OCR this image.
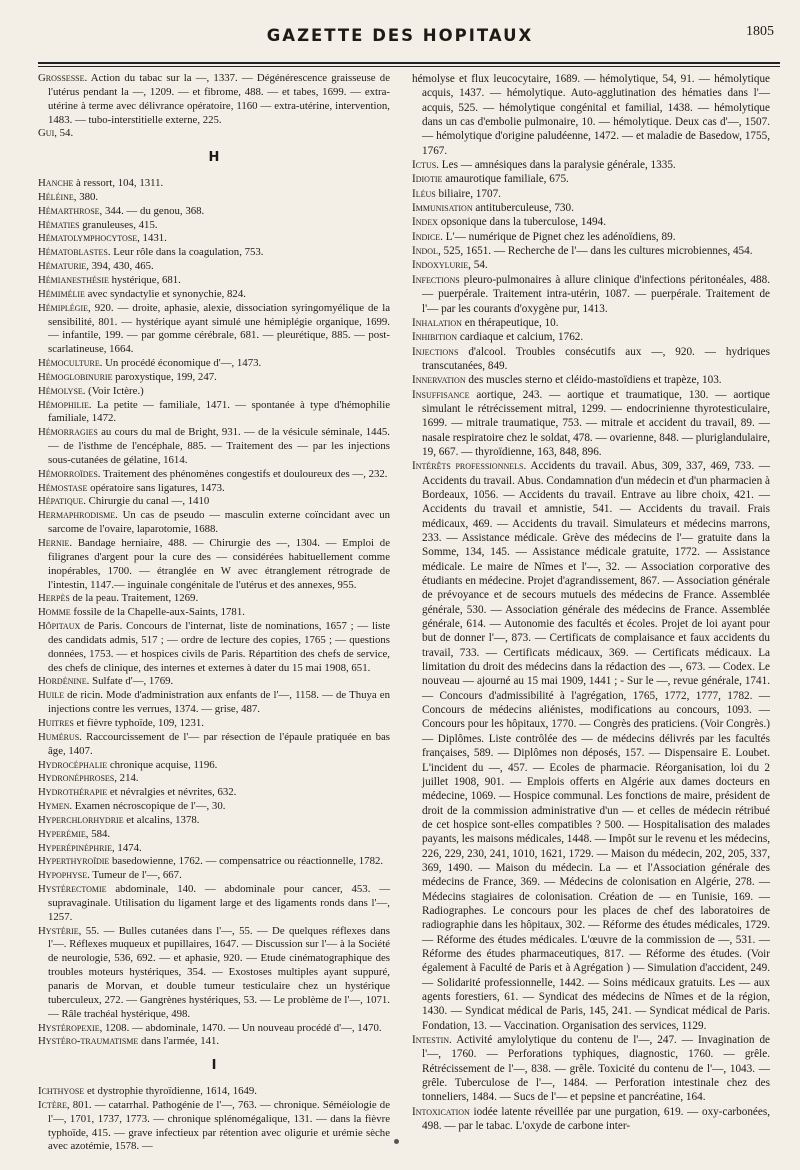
GAZETTE DES HOPITAUX	1805

Grossesse. Action du tabac sur la —, 1337. — Dégénérescence graisseuse de l'utérus pendant la —, 1209. — et fibrome, 488. — et tabes, 1699. — extra-utérine à terme avec délivrance opératoire, 1160 — extra-utérine, intervention, 1483. — tubo-interstitielle externe, 225.

Gui, 54.

H

Hanche à ressort, 104, 1311.

Héléine, 380.

Hémarthrose, 344. — du genou, 368.

Hématies granuleuses, 415.

Hématolymphocytose, 1431.

Hématoblastes. Leur rôle dans la coagulation, 753.

Hématurie, 394, 430, 465.

Hémianesthésie hystérique, 681.

Hémimélie avec syndactylie et synonychie, 824.

Hémiplégie, 920. — droite, aphasie, alexie, dissociation syringomyélique de la sensibilité, 801. — hystérique ayant simulé une hémiplégie organique, 1699. — infantile, 199. — par gomme cérébrale, 681. — pleurétique, 885. — post-scarlatineuse, 1664.

Hémoculture. Un procédé économique d'—, 1473.

Hémoglobinurie paroxystique, 199, 247.

Hémolyse. (Voir Ictère.)

Hémophilie. La petite — familiale, 1471. — spontanée à type d'hémophilie familiale, 1472.

Hémorragies au cours du mal de Bright, 931. — de la vésicule séminale, 1445.— de l'isthme de l'encéphale, 885. — Traitement des — par les injections sous-cutanées de gélatine, 1614.

Hémorroïdes. Traitement des phénomènes congestifs et douloureux des —, 232.

Hémostase opératoire sans ligatures, 1473.

Hépatique. Chirurgie du canal —, 1410

Hermaphrodisme. Un cas de pseudo — masculin externe coïncidant avec un sarcome de l'ovaire, laparotomie, 1688.

Hernie. Bandage herniaire, 488. — Chirurgie des —, 1304. — Emploi de filigranes d'argent pour la cure des — considérées habituellement comme inopérables, 1700. — étranglée en W avec étranglement rétrograde de l'intestin, 1147.— inguinale congénitale de l'utérus et des annexes, 955.

Herpès de la peau. Traitement, 1269.

Homme fossile de la Chapelle-aux-Saints, 1781.

Hôpitaux de Paris. Concours de l'internat, liste de nominations, 1657 ; — liste des candidats admis, 517 ; — ordre de lecture des copies, 1765 ; — questions données, 1753. — et hospices civils de Paris. Répartition des chefs de service, des chefs de clinique, des internes et externes à dater du 15 mai 1908, 651.

Hordénine. Sulfate d'—, 1769.

Huile de ricin. Mode d'administration aux enfants de l'—, 1158. — de Thuya en injections contre les verrues, 1374. — grise, 487.

Huitres et fièvre typhoïde, 109, 1231.

Humérus. Raccourcissement de l'— par résection de l'épaule pratiquée en bas âge, 1407.

Hydrocéphalie chronique acquise, 1196.

Hydronéphroses, 214.

Hydrothérapie et névralgies et névrites, 632.

Hymen. Examen nécroscopique de l'—, 30.

Hyperchlorhydrie et alcalins, 1378.

Hyperémie, 584.

Hyperépinéphrie, 1474.

Hyperthyroïdie basedowienne, 1762. — compensatrice ou réactionnelle, 1782.

Hypophyse. Tumeur de l'—, 667.

Hystérectomie abdominale, 140. — abdominale pour cancer, 453. — supravaginale. Utilisation du ligament large et des ligaments ronds dans l'—, 1257.

Hystérie, 55. — Bulles cutanées dans l'—, 55. — De quelques réflexes dans l'—. Réflexes muqueux et pupillaires, 1647. — Discussion sur l'— à la Société de neurologie, 536, 692. — et aphasie, 920. — Etude cinématographique des troubles moteurs hystériques, 354. — Exostoses multiples ayant suppuré, panaris de Morvan, et double tumeur testiculaire chez un hystérique tuberculeux, 272. — Gangrènes hystériques, 53. — Le problème de l'—, 1071. — Râle trachéal hystérique, 498.

Hystéropexie, 1208. — abdominale, 1470. — Un nouveau procédé d'—, 1470.

Hystéro-traumatisme dans l'armée, 141.

I

Ichthyose et dystrophie thyroïdienne, 1614, 1649.

Ictère, 801. — catarrhal. Pathogénie de l'—, 763. — chronique. Séméiologie de l'—, 1701, 1737, 1773. — chronique splénomégalique, 131. — dans la fièvre typhoïde, 415. — grave infectieux par rétention avec oligurie et urémie sèche avec azotémie, 1578. —

hémolyse et flux leucocytaire, 1689. — hémolytique, 54, 91. — hémolytique acquis, 1437. — hémolytique. Auto-agglutination des hématies dans l'— acquis, 525. — hémolytique congénital et familial, 1438. — hémolytique dans un cas d'embolie pulmonaire, 10. — hémolytique. Deux cas d'—, 1507. — hémolytique d'origine paludéenne, 1472. — et maladie de Basedow, 1755, 1767.

Ictus. Les — amnésiques dans la paralysie générale, 1335.

Idiotie amaurotique familiale, 675.

Iléus biliaire, 1707.

Immunisation antituberculeuse, 730.

Index opsonique dans la tuberculose, 1494.

Indice. L'— numérique de Pignet chez les adénoïdiens, 89.

Indol, 525, 1651. — Recherche de l'— dans les cultures microbiennes, 454.

Indoxylurie, 54.

Infections pleuro-pulmonaires à allure clinique d'infections péritonéales, 488. — puerpérale. Traitement intra-utérin, 1087. — puerpérale. Traitement de l'— par les courants d'oxygène pur, 1413.

Inhalation en thérapeutique, 10.

Inhibition cardiaque et calcium, 1762.

Injections d'alcool. Troubles consécutifs aux —, 920. — hydriques transcutanées, 849.

Innervation des muscles sterno et cléido-mastoïdiens et trapèze, 103.

Insuffisance aortique, 243. — aortique et traumatique, 130. — aortique simulant le rétrécissement mitral, 1299. — endocrinienne thyrotesticulaire, 1699. — mitrale traumatique, 753. — mitrale et accident du travail, 89. — nasale respiratoire chez le soldat, 478. — ovarienne, 848. — pluriglandulaire, 19, 667. — thyroïdienne, 163, 848, 896.

Intérêts professionnels. Accidents du travail. Abus, 309, 337, 469, 733. — Accidents du travail. Abus. Condamnation d'un médecin et d'un pharmacien à Bordeaux, 1056. — Accidents du travail. Entrave au libre choix, 421. — Accidents du travail et amnistie, 541. — Accidents du travail. Frais médicaux, 469. — Accidents du travail. Simulateurs et médecins marrons, 233. — Assistance médicale. Grève des médecins de l'— gratuite dans la Somme, 134, 145. — Assistance médicale gratuite, 1772. — Assistance médicale. Le maire de Nîmes et l'—, 32. — Association corporative des étudiants en médecine. Projet d'agrandissement, 867. — Association générale de prévoyance et de secours mutuels des médecins de France. Assemblée générale, 530. — Association générale des médecins de France. Assemblée générale, 614. — Autonomie des facultés et écoles. Projet de loi ayant pour but de donner l'—, 873. — Certificats de complaisance et faux accidents du travail, 733. — Certificats médicaux, 369. — Certificats médicaux. La limitation du droit des médecins dans la rédaction des —, 673. — Codex. Le nouveau — ajourné au 15 mai 1909, 1441 ; - Sur le —, revue générale, 1741.— Concours d'admissibilité à l'agrégation, 1765, 1772, 1777, 1782. — Concours de médecins aliénistes, modifications au concours, 1093. — Concours pour les hôpitaux, 1770. — Congrès des praticiens. (Voir Congrès.) — Diplômes. Liste contrôlée des — de médecins délivrés par les facultés françaises, 589. — Diplômes non déposés, 157. — Dispensaire E. Loubet. L'incident du —, 457. — Ecoles de pharmacie. Réorganisation, loi du 2 juillet 1908, 901. — Emplois offerts en Algérie aux dames docteurs en médecine, 1069. — Hospice communal. Les fonctions de maire, président de droit de la commission administrative d'un — et celles de médecin rétribué de cet hospice sont-elles compatibles ? 500. — Hospitalisation des malades payants, les maisons médicales, 1448. — Impôt sur le revenu et les médecins, 226, 229, 230, 241, 1010, 1621, 1729. — Maison du médecin, 202, 205, 337, 369, 1490. — Maison du médecin. La — et l'Association générale des médecins de France, 369. — Médecins de colonisation en Algérie, 278. — Médecins stagiaires de colonisation. Création de — en Tunisie, 169. — Radiographes. Le concours pour les places de chef des laboratoires de radiographie dans les hôpitaux, 302. — Réforme des études médicales, 1729. — Réforme des études médicales. L'œuvre de la commission de —, 531. — Réforme des études pharmaceutiques, 817. — Réforme des études. (Voir également à Faculté de Paris et à Agrégation ) — Simulation d'accident, 249. — Solidarité professionnelle, 1442. — Soins médicaux gratuits. Les — aux agents forestiers, 61. — Syndicat des médecins de Nîmes et de la région, 1430. — Syndicat médical de Paris, 145, 241. — Syndicat médical de Paris. Fondation, 13. — Vaccination. Organisation des services, 1129.

Intestin. Activité amylolytique du contenu de l'—, 247. — Invagination de l'—, 1760. — Perforations typhiques, diagnostic, 1760. — grêle. Rétrécissement de l'—, 838. — grêle. Toxicité du contenu de l'—, 1043. — grêle. Tuberculose de l'—, 1484. — Perforation intestinale chez des tonneliers, 1484. — Sucs de l'— et pepsine et pancréatine, 164.

Intoxication iodée latente réveillée par une purgation, 619. — oxy-carbonées, 498. — par le tabac. L'oxyde de carbone inter-
